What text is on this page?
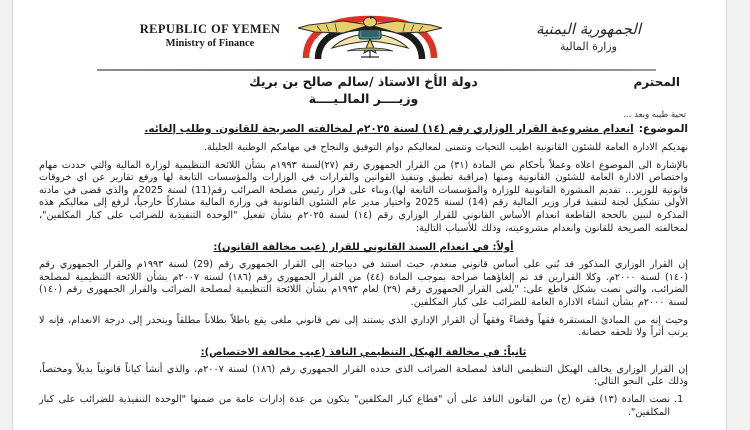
REPUBLIC OF YEMEN
Ministry of Finance
الجمهورية اليمنية
وزارة المالية
المحترم
دولة الأخ الاستاذ /سالم صالح بن بريك
وزيــــر المالـيــــة
تحية طيبه وبعد ...
الموضوع:انعدام مشروعية القرار الوزاري رقم (١٤) لسنة ٢٠٢٥م لمخالفته الصريحة للقانون. وطلب إلغائه.

نهديكم الادارة العامة للشئون القانونية اطيب التحيات ونتمنى لمعاليكم دوام التوفيق والنجاح في مهامكم الوطنية الجليلة.

بالإشارة الى الموضوع اعلاه وعملاً بأحكام نص المادة (٣١) من القرار الجمهوري رقم (٢٧)لسنة ١٩٩٣م بشأن اللائحة التنظيمية لوزارة المالية والتي حددت مهام واختصاص الادارة العامة للشئون القانونية ومنها (مراقبة تطبيق وتنفيذ القوانين والقرارات في الوزارات والمؤسسات التابعة لها ورفع تقارير عن اي خروقات قانونية للوزير... تقديم المشورة القانونية للوزارة والمؤسسات التابعة لها).وبناء على قرار رئيس مصلحة الضرائب رقم(11) لسنة 2025م والذي قضى في مادته الأولى تشكيل لجنة لتنفيذ قرار وزير المالية رقم (14) لسنة 2025 واختيار مدير عام الشئون القانونية في وزارة المالية مشاركاً خارجياً، لرفع إلى معاليكم هذه المذكرة لنبين بالحجة القاطعة انعدام الأساس القانوني للقرار الوزاري رقم (١٤) لسنة ٢٠٢٥م بشأن تفعيل "الوحدة التنفيذية للضرائب على كبار المكلفين"، لمخالفته الصريحة للقانون وانعدام مشروعيته، وذلك للأسباب التالية:

أولاً: في انعدام السند القانوني للقرار (عيب مخالفة القانون):

إن القرار الوزاري المذكور قد بُني على أساس قانوني منعدم، حيث استند في ديباجته إلى القرار الجمهوري رقم (29) لسنة ١٩٩٣م والقرار الجمهوري رقم (١٤٠) لسنة ٢٠٠٠م. وكلا القرارين قد تم إلغاؤهما صراحة بموجب المادة (٤٤) من القرار الجمهوري رقم (١٨٦) لسنة ٢٠٠٧م بشأن اللائحة التنظيمية لمصلحة الضرائب، والتي نصت بشكل قاطع على: "يلغى القرار الجمهوري رقم (٢٩) لعام ١٩٩٣م بشأن اللائحة التنظيمية لمصلحة الضرائب والقرار الجمهوري رقم (١٤٠) لسنة ٢٠٠٠م بشأن انشاء الادارة العامة للضرائب على كبار المكلفين.

وحيث إنه من المبادئ المستقرة فقهاً وقضاءً وفقهاً أن القرار الإداري الذي يستند إلى نص قانوني ملغى يقع باطلاً بطلاناً مطلقاً وينحدر إلى درجة الانعدام، فإنه لا يرتب أثراً ولا تلحقه حصانة.

ثانياً: في مخالفة الهيكل التنظيمي النافذ (عيب مخالفة الاختصاص):

إن القرار الوزاري يخالف الهيكل التنظيمي النافذ لمصلحة الضرائب الذي حدده القرار الجمهوري رقم (١٨٦) لسنة ٢٠٠٧م، والذي أنشأ كياناً قانونياً بديلاً ومختصاً، وذلك على النحو التالي:

1. نصت المادة (١٣) فقرة (ج) من القانون النافذ على أن "قطاع كبار المكلفين" يتكون من عدة إدارات عامة من ضمنها "الوحدة التنفيذية للضرائب على كبار المكلفين".
